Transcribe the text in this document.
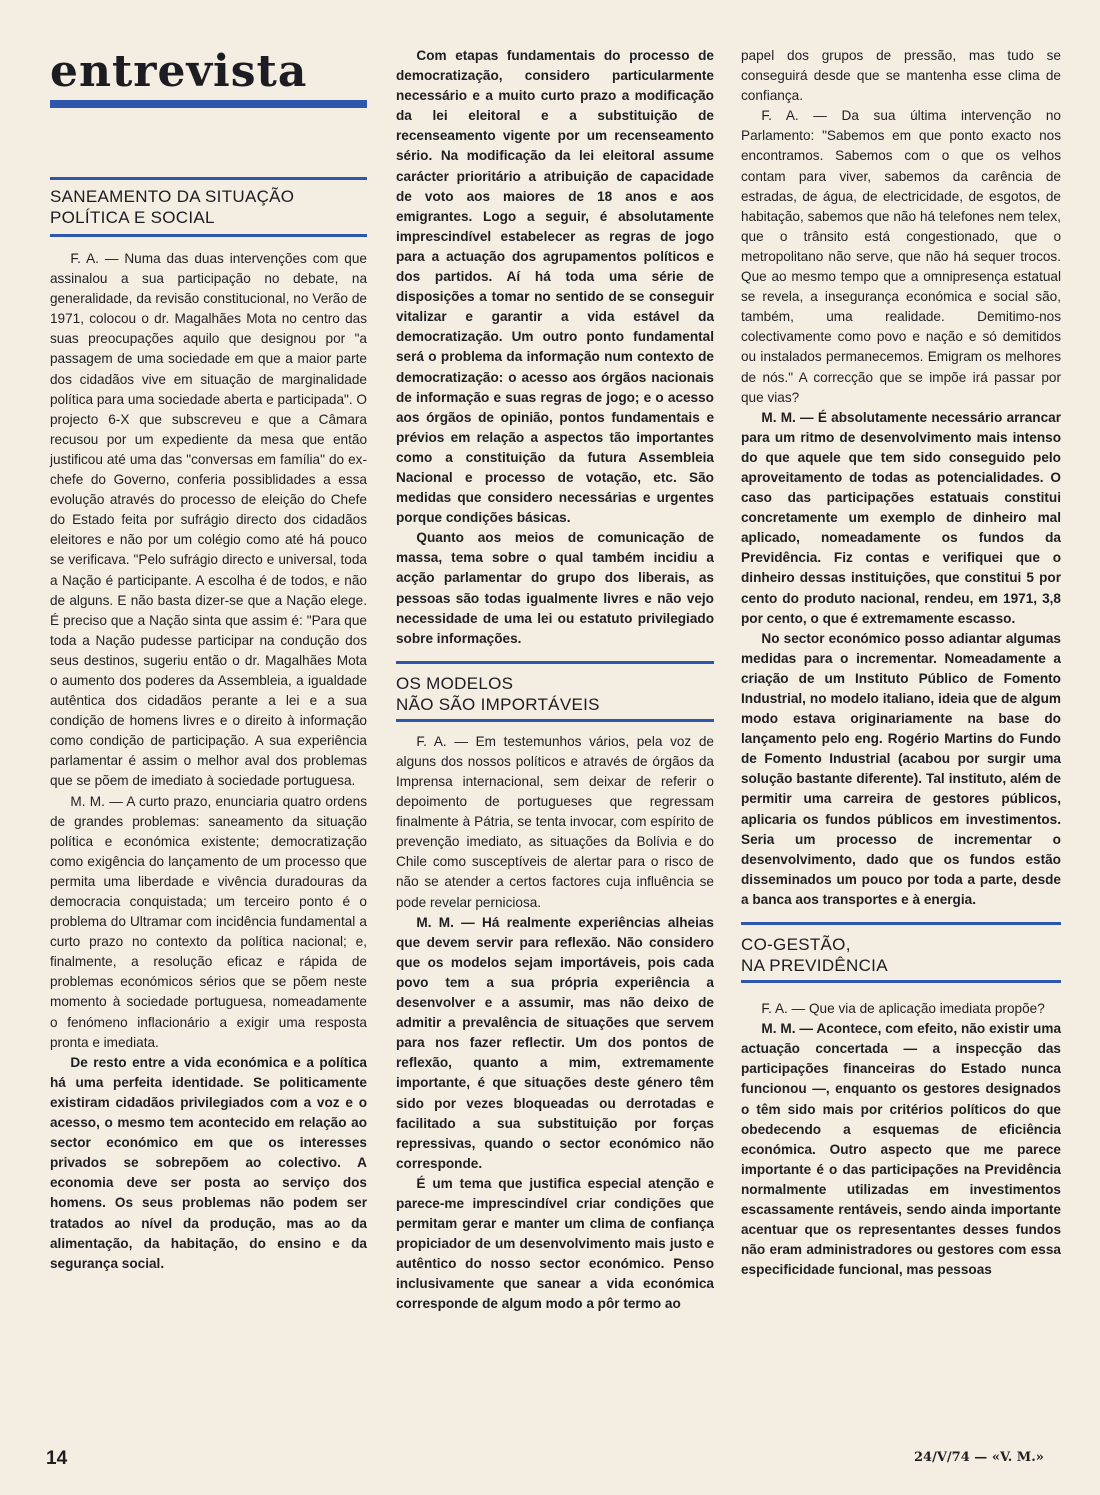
entrevista
SANEAMENTO DA SITUAÇÃO
POLÍTICA E SOCIAL

F. A. — Numa das duas intervenções com que assinalou a sua participação no debate, na generalidade, da revisão constitucional, no Verão de 1971, colocou o dr. Magalhães Mota no centro das suas preocupações aquilo que designou por "a passagem de uma sociedade em que a maior parte dos cidadãos vive em situação de marginalidade política para uma sociedade aberta e participada". O projecto 6-X que subscreveu e que a Câmara recusou por um expediente da mesa que então justificou até uma das "conversas em família" do ex-chefe do Governo, conferia possiblidades a essa evolução através do processo de eleição do Chefe do Estado feita por sufrágio directo dos cidadãos eleitores e não por um colégio como até há pouco se verificava. "Pelo sufrágio directo e universal, toda a Nação é participante. A escolha é de todos, e não de alguns. E não basta dizer-se que a Nação elege. É preciso que a Nação sinta que assim é: "Para que toda a Nação pudesse participar na condução dos seus destinos, sugeriu então o dr. Magalhães Mota o aumento dos poderes da Assembleia, a igualdade autêntica dos cidadãos perante a lei e a sua condição de homens livres e o direito à informação como condição de participação. A sua experiência parlamentar é assim o melhor aval dos problemas que se põem de imediato à sociedade portuguesa.

M. M. — A curto prazo, enunciaria quatro ordens de grandes problemas: saneamento da situação política e económica existente; democratização como exigência do lançamento de um processo que permita uma liberdade e vivência duradouras da democracia conquistada; um terceiro ponto é o problema do Ultramar com incidência fundamental a curto prazo no contexto da política nacional; e, finalmente, a resolução eficaz e rápida de problemas económicos sérios que se põem neste momento à sociedade portuguesa, nomeadamente o fenómeno inflacionário a exigir uma resposta pronta e imediata.

De resto entre a vida económica e a política há uma perfeita identidade. Se politicamente existiram cidadãos privilegiados com a voz e o acesso, o mesmo tem acontecido em relação ao sector económico em que os interesses privados se sobrepõem ao colectivo. A economia deve ser posta ao serviço dos homens. Os seus problemas não podem ser tratados ao nível da produção, mas ao da alimentação, da habitação, do ensino e da segurança social.

Com etapas fundamentais do processo de democratização, considero particularmente necessário e a muito curto prazo a modificação da lei eleitoral e a substituição de recenseamento vigente por um recenseamento sério. Na modificação da lei eleitoral assume carácter prioritário a atribuição de capacidade de voto aos maiores de 18 anos e aos emigrantes. Logo a seguir, é absolutamente imprescindível estabelecer as regras de jogo para a actuação dos agrupamentos políticos e dos partidos. Aí há toda uma série de disposições a tomar no sentido de se conseguir vitalizar e garantir a vida estável da democratização. Um outro ponto fundamental será o problema da informação num contexto de democratização: o acesso aos órgãos nacionais de informação e suas regras de jogo; e o acesso aos órgãos de opinião, pontos fundamentais e prévios em relação a aspectos tão importantes como a constituição da futura Assembleia Nacional e processo de votação, etc. São medidas que considero necessárias e urgentes porque condições básicas.

Quanto aos meios de comunicação de massa, tema sobre o qual também incidiu a acção parlamentar do grupo dos liberais, as pessoas são todas igualmente livres e não vejo necessidade de uma lei ou estatuto privilegiado sobre informações.

OS MODELOS
NÃO SÃO IMPORTÁVEIS

F. A. — Em testemunhos vários, pela voz de alguns dos nossos políticos e através de órgãos da Imprensa internacional, sem deixar de referir o depoimento de portugueses que regressam finalmente à Pátria, se tenta invocar, com espírito de prevenção imediato, as situações da Bolívia e do Chile como susceptíveis de alertar para o risco de não se atender a certos factores cuja influência se pode revelar perniciosa.

M. M. — Há realmente experiências alheias que devem servir para reflexão. Não considero que os modelos sejam importáveis, pois cada povo tem a sua própria experiência a desenvolver e a assumir, mas não deixo de admitir a prevalência de situações que servem para nos fazer reflectir. Um dos pontos de reflexão, quanto a mim, extremamente importante, é que situações deste género têm sido por vezes bloqueadas ou derrotadas e facilitado a sua substituição por forças repressivas, quando o sector económico não corresponde.

É um tema que justifica especial atenção e parece-me imprescindível criar condições que permitam gerar e manter um clima de confiança propiciador de um desenvolvimento mais justo e autêntico do nosso sector económico. Penso inclusivamente que sanear a vida económica corresponde de algum modo a pôr termo ao

papel dos grupos de pressão, mas tudo se conseguirá desde que se mantenha esse clima de confiança.

F. A. — Da sua última intervenção no Parlamento: "Sabemos em que ponto exacto nos encontramos. Sabemos com o que os velhos contam para viver, sabemos da carência de estradas, de água, de electricidade, de esgotos, de habitação, sabemos que não há telefones nem telex, que o trânsito está congestionado, que o metropolitano não serve, que não há sequer trocos. Que ao mesmo tempo que a omnipresença estatual se revela, a insegurança económica e social são, também, uma realidade. Demitimo-nos colectivamente como povo e nação e só demitidos ou instalados permanecemos. Emigram os melhores de nós." A correcção que se impõe irá passar por que vias?

M. M. — É absolutamente necessário arrancar para um ritmo de desenvolvimento mais intenso do que aquele que tem sido conseguido pelo aproveitamento de todas as potencialidades. O caso das participações estatuais constitui concretamente um exemplo de dinheiro mal aplicado, nomeadamente os fundos da Previdência. Fiz contas e verifiquei que o dinheiro dessas instituições, que constitui 5 por cento do produto nacional, rendeu, em 1971, 3,8 por cento, o que é extremamente escasso.

No sector económico posso adiantar algumas medidas para o incrementar. Nomeadamente a criação de um Instituto Público de Fomento Industrial, no modelo italiano, ideia que de algum modo estava originariamente na base do lançamento pelo eng. Rogério Martins do Fundo de Fomento Industrial (acabou por surgir uma solução bastante diferente). Tal instituto, além de permitir uma carreira de gestores públicos, aplicaria os fundos públicos em investimentos. Seria um processo de incrementar o desenvolvimento, dado que os fundos estão disseminados um pouco por toda a parte, desde a banca aos transportes e à energia.

CO-GESTÃO,
NA PREVIDÊNCIA

F. A. — Que via de aplicação imediata propõe?

M. M. — Acontece, com efeito, não existir uma actuação concertada — a inspecção das participações financeiras do Estado nunca funcionou —, enquanto os gestores designados o têm sido mais por critérios políticos do que obedecendo a esquemas de eficiência económica. Outro aspecto que me parece importante é o das participações na Previdência normalmente utilizadas em investimentos escassamente rentáveis, sendo ainda importante acentuar que os representantes desses fundos não eram administradores ou gestores com essa especificidade funcional, mas pessoas

14	24/V/74 — «V. M.»
